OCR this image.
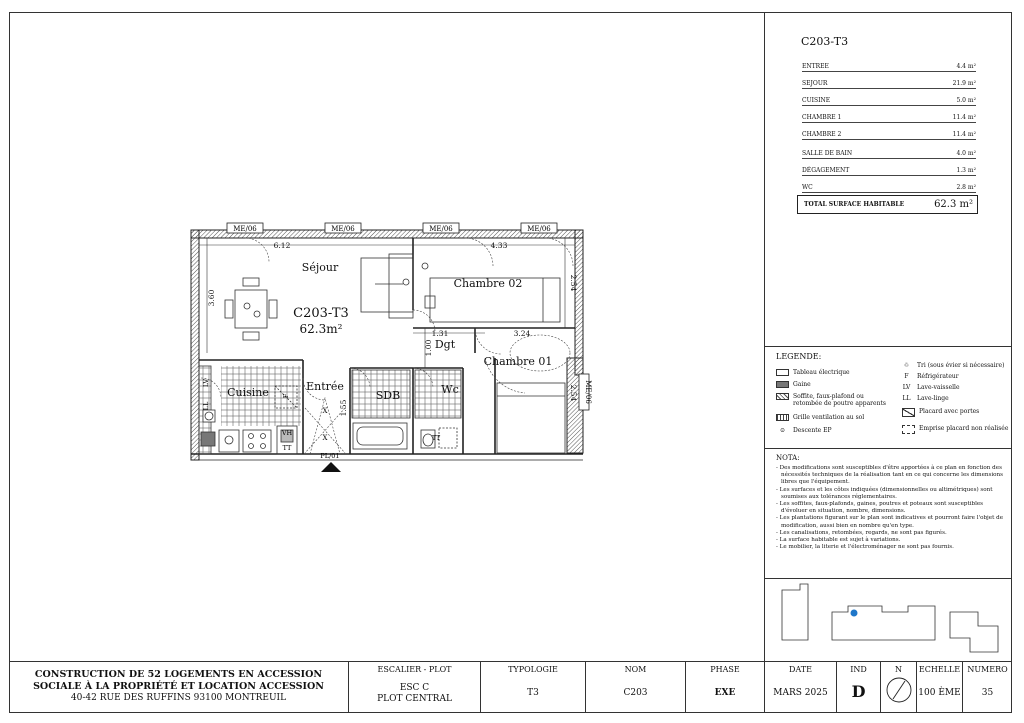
ME/06	ME/06	ME/06	ME/06
ME/06
6.12	4.33
3.60
1.31	3.24
2.54
2.54
1.00
1.55
LV
LL
F
VH
TT
TT
X
X
Séjour
Chambre 02
Chambre 01
Dgt
Entrée
Cuisine	SDB	Wc
C203-T3
62.3m²
PL/01
C203-T3
ENTREE	4.4 m²
SEJOUR	21.9 m²
CUISINE	5.0 m²
CHAMBRE 1	11.4 m²
CHAMBRE 2	11.4 m²
SALLE DE BAIN	4.0 m²
DÉGAGEMENT	1.3 m²
WC	2.8 m²
TOTAL SURFACE HABITABLE	62.3 m²
LEGENDE:
Tableau électrique
Gaine
Soffite, faux-plafond ou retombée de poutre apparents
Grille ventilation au sol
⊙	Descente EP
♲	Tri (sous évier si nécessaire)
F	Réfrigérateur
LV	Lave-vaisselle
LL	Lave-linge
Placard avec portes
Emprise placard non réalisée
NOTA:
- Des modifications sont susceptibles d'être apportées à ce plan en fonction des nécessités techniques de la réalisation tant en ce qui concerne les dimensions libres que l'équipement.
- Les surfaces et les côtes indiquées (dimensionnelles ou altimétriques) sont soumises aux tolérances réglementaires.
- Les soffites, faux-plafonds, gaines, poutres et poteaux sont susceptibles d'évoluer en situation, nombre, dimensions.
- Les plantations figurant sur le plan sont indicatives et pourront faire l'objet de modification, aussi bien en nombre qu'en type.
- Les canalisations, retombées, regards, ne sont pas figurés.
- La surface habitable est sujet à variations.
- Le mobilier, la literie et l'électroménager ne sont pas fournis.
CONSTRUCTION DE 52 LOGEMENTS EN ACCESSION
SOCIALE À LA PROPRIÉTÉ ET LOCATION ACCESSION
40-42 RUE DES RUFFINS 93100 MONTREUIL
ESCALIER - PLOT
ESC C
PLOT CENTRAL
TYPOLOGIE
T3
NOM
C203
PHASE
EXE
DATE
MARS 2025
IND
D
N	ECHELLE
100 ÈME
NUMERO
35
